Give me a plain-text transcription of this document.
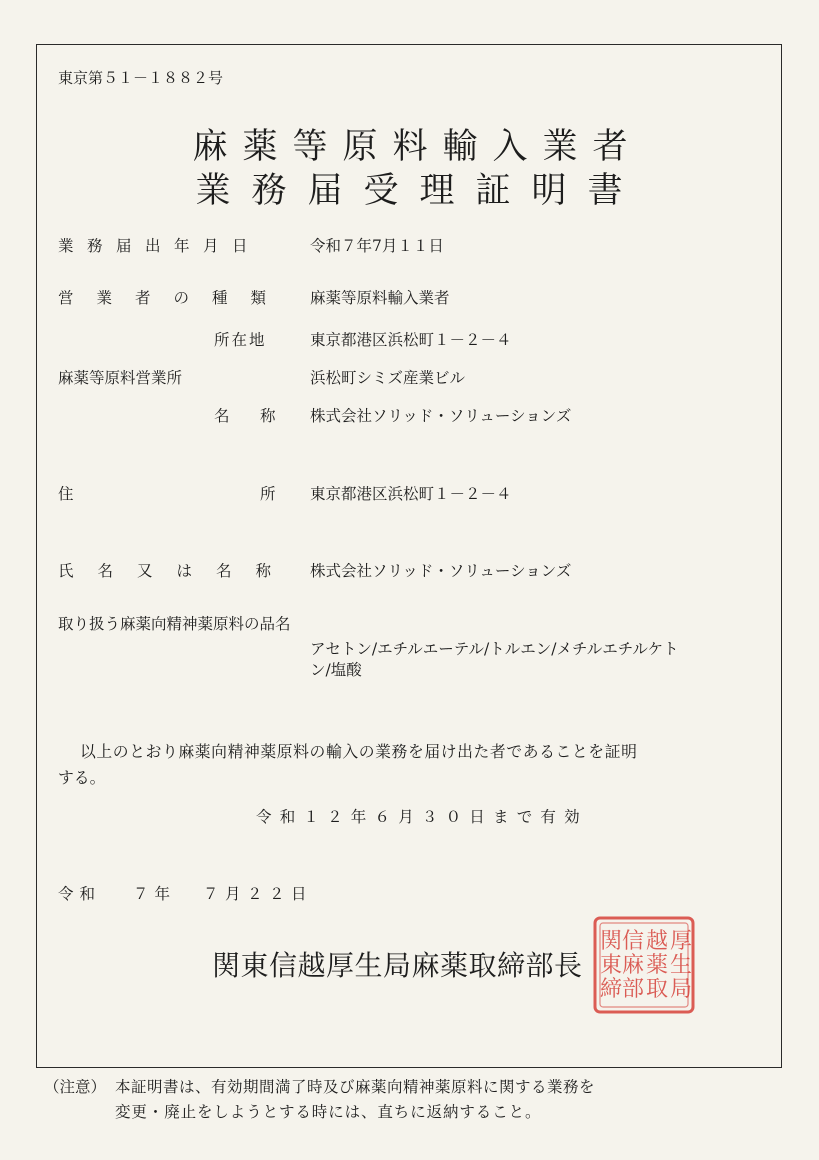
東京第５１－１８８２号
麻薬等原料輸入業者
業務届受理証明書
業務届出年月日	令和７年7月１１日
営業者の種類 麻薬等原料輸入業者
所在地	東京都港区浜松町１－２－４
麻薬等原料営業所	浜松町シミズ産業ビル
名 称 株式会社ソリッド・ソリューションズ
住	所 東京都港区浜松町１－２－４
氏名又は名称 株式会社ソリッド・ソリューションズ
取り扱う麻薬向精神薬原料の品名
アセトン/エチルエーテル/トルエン/メチルエチルケト
ン/塩酸
以上のとおり麻薬向精神薬原料の輸入の業務を届け出た者であることを証明
する。
令和１２年６月３０日まで有効
令和 ７年 ７月２２日
関東信越厚生局麻薬取締部長
厚
生
局
越
薬
取
信
麻
部
関
東
締
（注意） 本証明書は、有効期間満了時及び麻薬向精神薬原料に関する業務を
変更・廃止をしようとする時には、直ちに返納すること。
